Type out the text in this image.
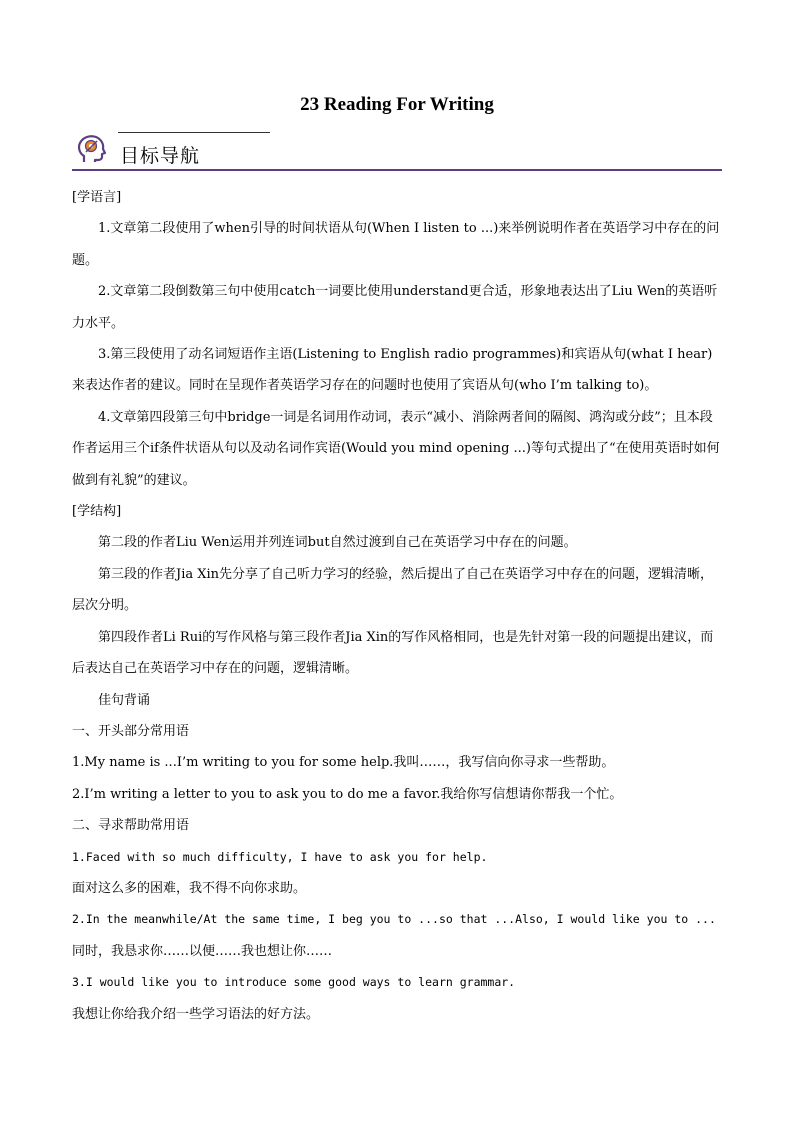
23 Reading For Writing
目标导航

[学语言]

1.文章第二段使用了when引导的时间状语从句(When I listen to ...)来举例说明作者在英语学习中存在的问题。

2.文章第二段倒数第三句中使用catch一词要比使用understand更合适，形象地表达出了Liu Wen的英语听力水平。

3.第三段使用了动名词短语作主语(Listening to English radio programmes)和宾语从句(what I hear)来表达作者的建议。同时在呈现作者英语学习存在的问题时也使用了宾语从句(who I’m talking to)。

4.文章第四段第三句中bridge一词是名词用作动词，表示“减小、消除两者间的隔阂、鸿沟或分歧”；且本段作者运用三个if条件状语从句以及动名词作宾语(Would you mind opening ...)等句式提出了“在使用英语时如何做到有礼貌”的建议。

[学结构]

第二段的作者Liu Wen运用并列连词but自然过渡到自己在英语学习中存在的问题。

第三段的作者Jia Xin先分享了自己听力学习的经验，然后提出了自己在英语学习中存在的问题，逻辑清晰，层次分明。

第四段作者Li Rui的写作风格与第三段作者Jia Xin的写作风格相同，也是先针对第一段的问题提出建议，而后表达自己在英语学习中存在的问题，逻辑清晰。

佳句背诵

一、开头部分常用语

1.My name is ...I’m writing to you for some help.我叫……，我写信向你寻求一些帮助。

2.I’m writing a letter to you to ask you to do me a favor.我给你写信想请你帮我一个忙。

二、寻求帮助常用语

1.Faced with so much difficulty, I have to ask you for help.

面对这么多的困难，我不得不向你求助。

2.In the meanwhile/At the same time, I beg you to ...so that ...Also, I would like you to ...

同时，我恳求你……以便……我也想让你……

3.I would like you to introduce some good ways to learn grammar.

我想让你给我介绍一些学习语法的好方法。
